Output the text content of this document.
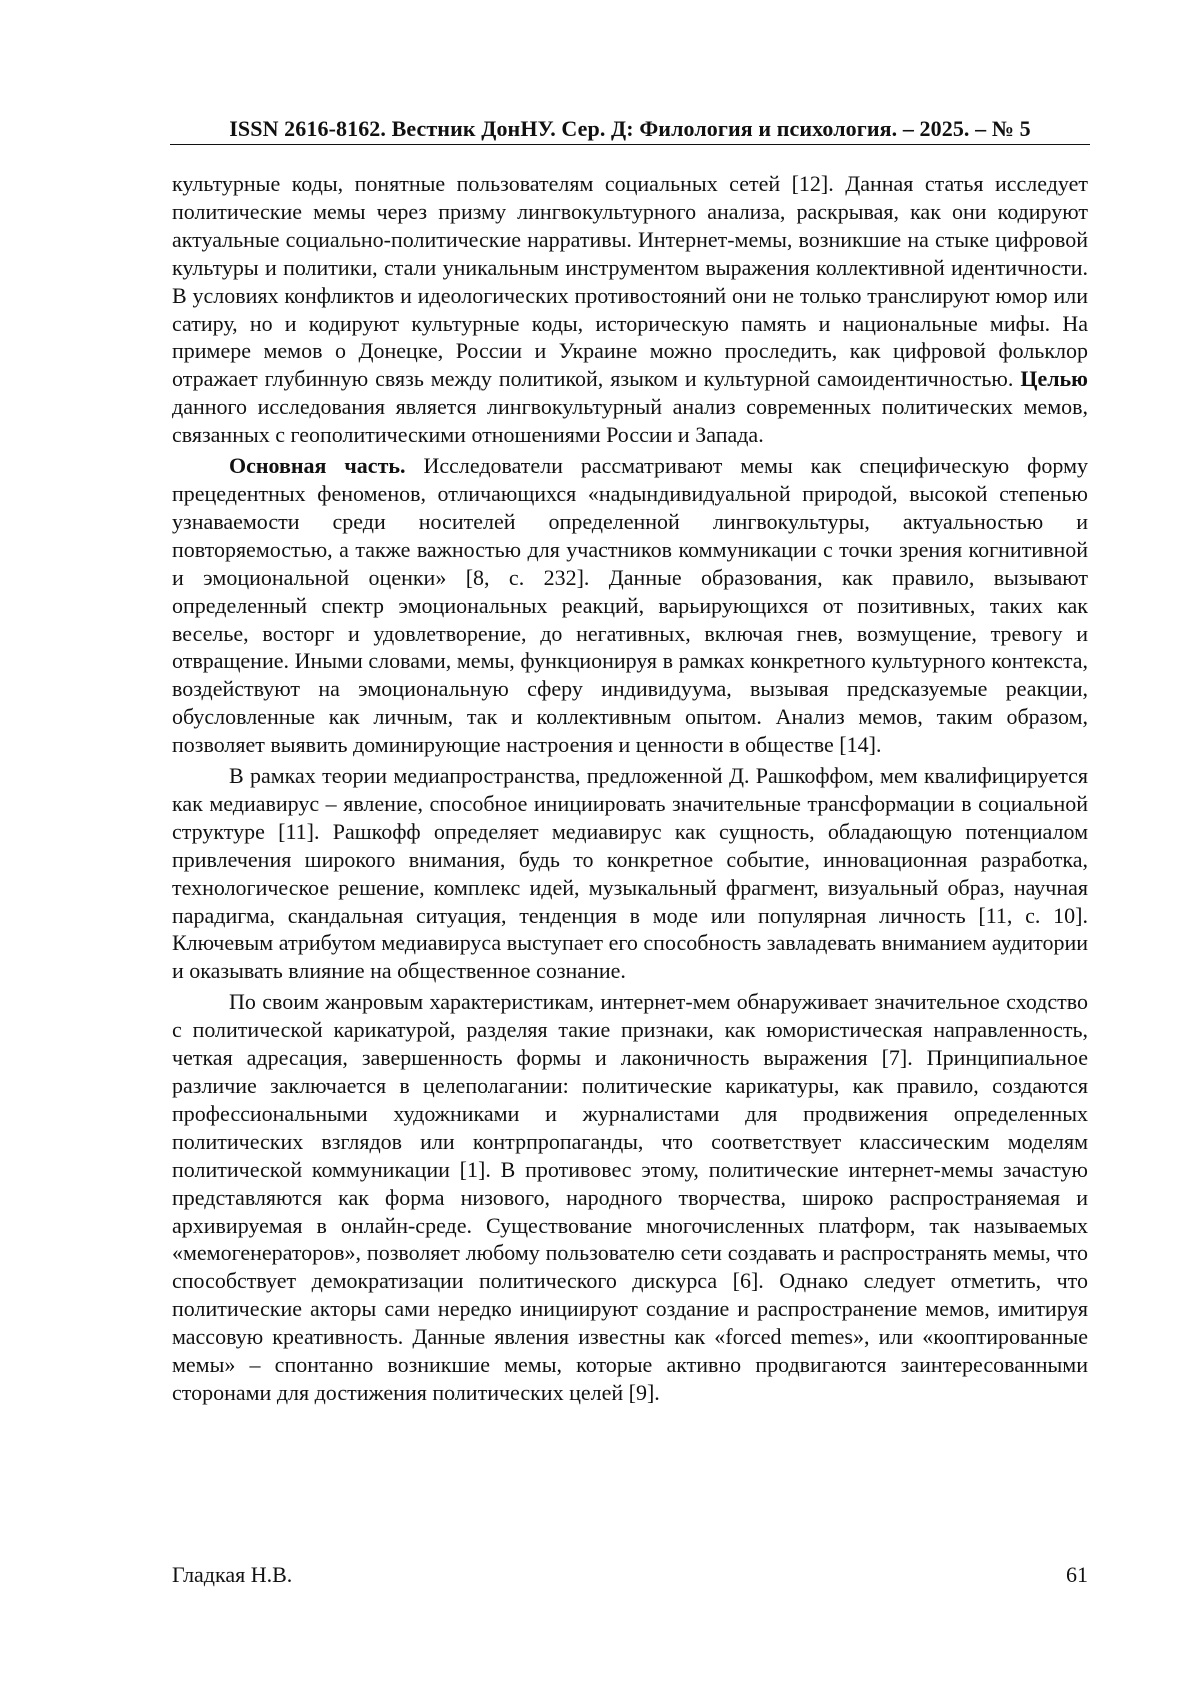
ISSN 2616-8162. Вестник ДонНУ. Сер. Д: Филология и психология. – 2025. – № 5

культурные коды, понятные пользователям социальных сетей [12]. Данная статья исследует политические мемы через призму лингвокультурного анализа, раскрывая, как они кодируют актуальные социально-политические нарративы. Интернет-мемы, возникшие на стыке цифровой культуры и политики, стали уникальным инструментом выражения коллективной идентичности. В условиях конфликтов и идеологических противостояний они не только транслируют юмор или сатиру, но и кодируют культурные коды, историческую память и национальные мифы. На примере мемов о Донецке, России и Украине можно проследить, как цифровой фольклор отражает глубинную связь между политикой, языком и культурной самоидентичностью. Целью данного исследования является лингвокультурный анализ современных политических мемов, связанных с геополитическими отношениями России и Запада.

Основная часть. Исследователи рассматривают мемы как специфическую форму прецедентных феноменов, отличающихся «надындивидуальной природой, высокой степенью узнаваемости среди носителей определенной лингвокультуры, актуальностью и повторяемостью, а также важностью для участников коммуникации с точки зрения когнитивной и эмоциональной оценки» [8, с. 232]. Данные образования, как правило, вызывают определенный спектр эмоциональных реакций, варьирующихся от позитивных, таких как веселье, восторг и удовлетворение, до негативных, включая гнев, возмущение, тревогу и отвращение. Иными словами, мемы, функционируя в рамках конкретного культурного контекста, воздействуют на эмоциональную сферу индивидуума, вызывая предсказуемые реакции, обусловленные как личным, так и коллективным опытом. Анализ мемов, таким образом, позволяет выявить доминирующие настроения и ценности в обществе [14].

В рамках теории медиапространства, предложенной Д. Рашкоффом, мем квалифицируется как медиавирус – явление, способное инициировать значительные трансформации в социальной структуре [11]. Рашкофф определяет медиавирус как сущность, обладающую потенциалом привлечения широкого внимания, будь то конкретное событие, инновационная разработка, технологическое решение, комплекс идей, музыкальный фрагмент, визуальный образ, научная парадигма, скандальная ситуация, тенденция в моде или популярная личность [11, с. 10]. Ключевым атрибутом медиавируса выступает его способность завладевать вниманием аудитории и оказывать влияние на общественное сознание.

По своим жанровым характеристикам, интернет-мем обнаруживает значительное сходство с политической карикатурой, разделяя такие признаки, как юмористическая направленность, четкая адресация, завершенность формы и лаконичность выражения [7]. Принципиальное различие заключается в целеполагании: политические карикатуры, как правило, создаются профессиональными художниками и журналистами для продвижения определенных политических взглядов или контрпропаганды, что соответствует классическим моделям политической коммуникации [1]. В противовес этому, политические интернет-мемы зачастую представляются как форма низового, народного творчества, широко распространяемая и архивируемая в онлайн-среде. Существование многочисленных платформ, так называемых «мемогенераторов», позволяет любому пользователю сети создавать и распространять мемы, что способствует демократизации политического дискурса [6]. Однако следует отметить, что политические акторы сами нередко инициируют создание и распространение мемов, имитируя массовую креативность. Данные явления известны как «forced memes», или «кооптированные мемы» – спонтанно возникшие мемы, которые активно продвигаются заинтересованными сторонами для достижения политических целей [9].

Гладкая Н.В.	61
